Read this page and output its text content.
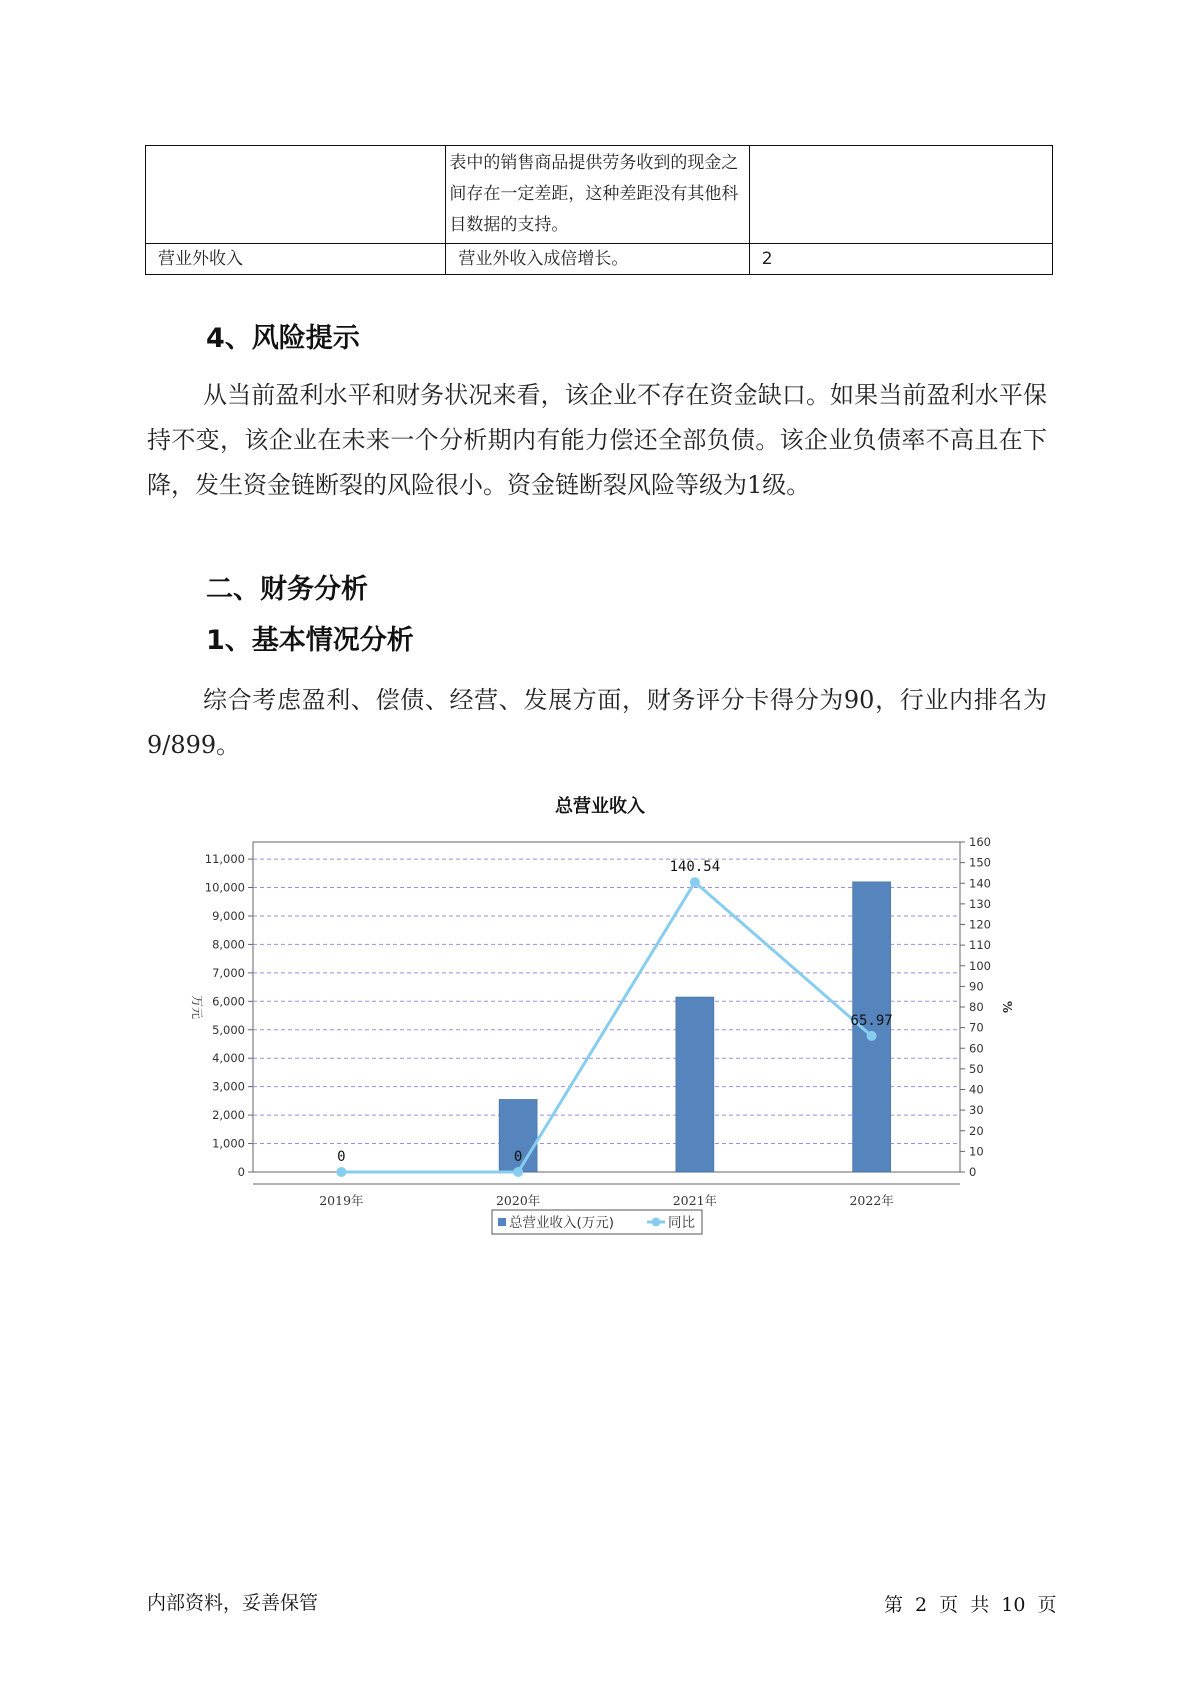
	表中的销售商品提供劳务收到的现金之间存在一定差距，这种差距没有其他科目数据的支持。	

营业外收入	营业外收入成倍增长。	2
4、风险提示

从当前盈利水平和财务状况来看，该企业不存在资金缺口。如果当前盈利水平保持不变，该企业在未来一个分析期内有能力偿还全部负债。该企业负债率不高且在下降，发生资金链断裂的风险很小。资金链断裂风险等级为1级。

二、财务分析
1、基本情况分析

综合考虑盈利、偿债、经营、发展方面，财务评分卡得分为90，行业内排名为9/899。

总营业收入
0	0
140.54
65.97
0
1,000
2,000
3,000
4,000
5,000
6,000
7,000
8,000
9,000
10,000
11,000
0
10
20
30
40
50
60
70
80
90
100
110
120
130
140
150
160
2019年	2020年	2021年	2022年
万元	%
总营业收入(万元)	同比
内部资料，妥善保管	第 2 页 共 10 页
